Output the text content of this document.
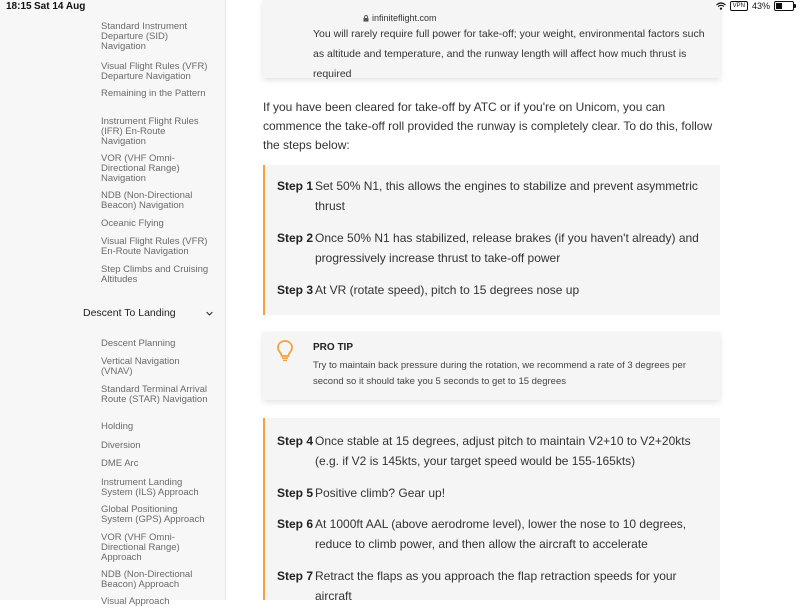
Standard Instrument Departure (SID) Navigation
Visual Flight Rules (VFR) Departure Navigation
Remaining in the Pattern
Instrument Flight Rules (IFR) En-Route Navigation
VOR (VHF Omni-Directional Range) Navigation
NDB (Non-Directional Beacon) Navigation
Oceanic Flying
Visual Flight Rules (VFR) En-Route Navigation
Step Climbs and Cruising Altitudes
Descent To Landing
Descent Planning
Vertical Navigation (VNAV)
Standard Terminal Arrival Route (STAR) Navigation
Holding
Diversion
DME Arc
Instrument Landing System (ILS) Approach
Global Positioning System (GPS) Approach
VOR (VHF Omni-Directional Range) Approach
NDB (Non-Directional Beacon) Approach
Visual Approach
You will rarely require full power for take-off; your weight, environmental factors such as altitude and temperature, and the runway length will affect how much thrust is required
If you have been cleared for take-off by ATC or if you're on Unicom, you can commence the take-off roll provided the runway is completely clear. To do this, follow the steps below:
Step 1 Set 50% N1, this allows the engines to stabilize and prevent asymmetric thrust
Step 2 Once 50% N1 has stabilized, release brakes (if you haven't already) and progressively increase thrust to take-off power
Step 3 At VR (rotate speed), pitch to 15 degrees nose up
PRO TIP
Try to maintain back pressure during the rotation, we recommend a rate of 3 degrees per second so it should take you 5 seconds to get to 15 degrees
Step 4 Once stable at 15 degrees, adjust pitch to maintain V2+10 to V2+20kts (e.g. if V2 is 145kts, your target speed would be 155-165kts)
Step 5 Positive climb? Gear up!
Step 6 At 1000ft AAL (above aerodrome level), lower the nose to 10 degrees, reduce to climb power, and then allow the aircraft to accelerate
Step 7 Retract the flaps as you approach the flap retraction speeds for your aircraft
18:15 Sat 14 Aug	VPN 43%
infiniteflight.com
